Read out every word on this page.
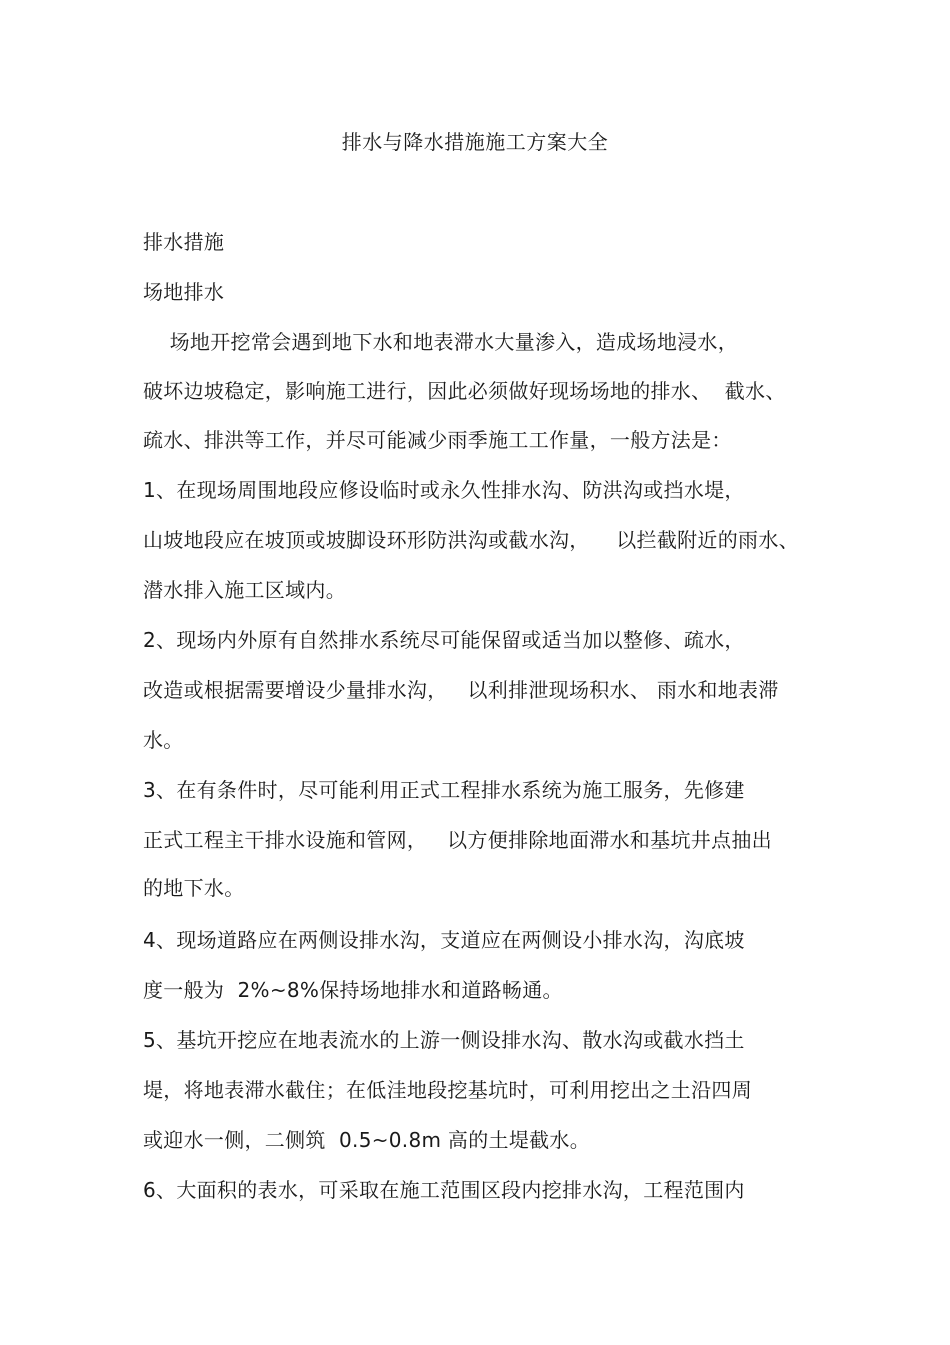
排水与降水措施施工方案大全
排水措施
场地排水
场地开挖常会遇到地下水和地表滞水大量渗入，造成场地浸水，
破坏边坡稳定，影响施工进行，因此必须做好现场场地的排水、  截水、
疏水、排洪等工作，并尽可能减少雨季施工工作量，一般方法是：
1、在现场周围地段应修设临时或永久性排水沟、防洪沟或挡水堤，
山坡地段应在坡顶或坡脚设环形防洪沟或截水沟，    以拦截附近的雨水、
潜水排入施工区域内。
2、现场内外原有自然排水系统尽可能保留或适当加以整修、疏水，
改造或根据需要增设少量排水沟，   以利排泄现场积水、 雨水和地表滞
水。
3、在有条件时，尽可能利用正式工程排水系统为施工服务，先修建
正式工程主干排水设施和管网，   以方便排除地面滞水和基坑井点抽出
的地下水。
4、现场道路应在两侧设排水沟，支道应在两侧设小排水沟，沟底坡
度一般为  2%~8%保持场地排水和道路畅通。
5、基坑开挖应在地表流水的上游一侧设排水沟、散水沟或截水挡土
堤，将地表滞水截住；在低洼地段挖基坑时，可利用挖出之土沿四周
或迎水一侧，二侧筑  0.5~0.8m 高的土堤截水。
6、大面积的表水，可采取在施工范围区段内挖排水沟，工程范围内
